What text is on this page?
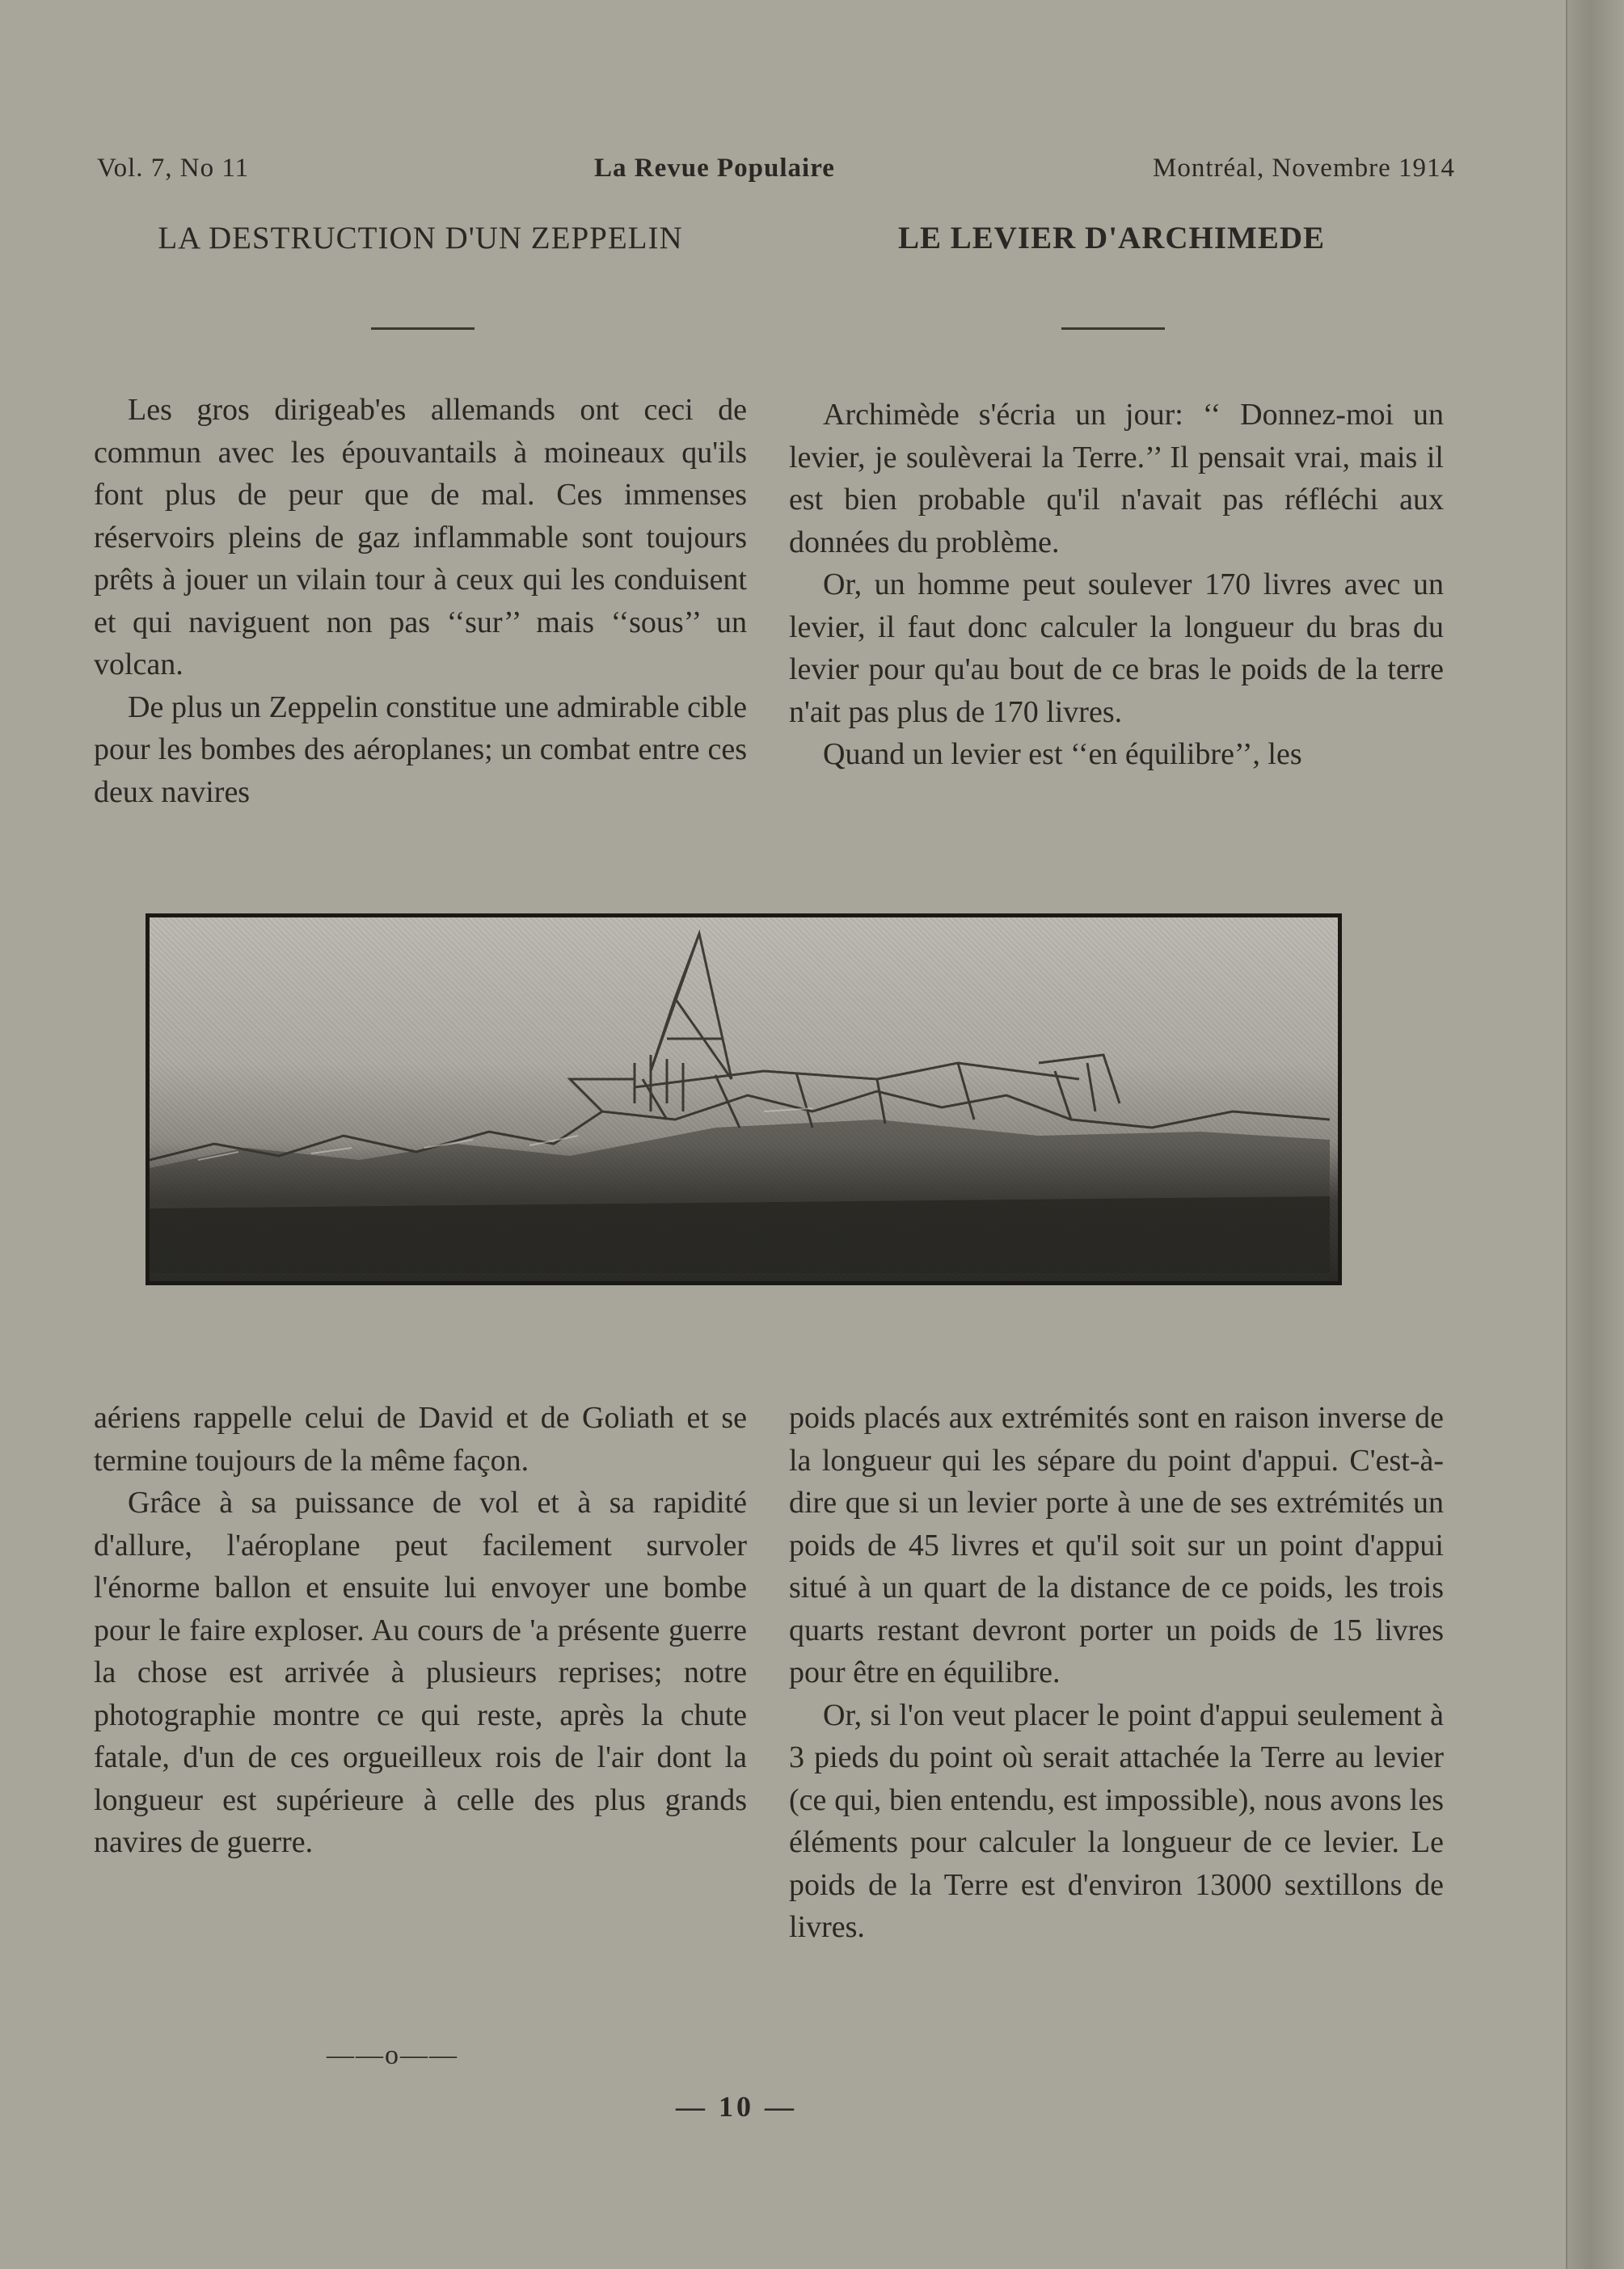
Vol. 7, No 11	La Revue Populaire	Montréal, Novembre 1914
LA DESTRUCTION D'UN ZEPPELIN	LE LEVIER D'ARCHIMEDE

Les gros dirigeab'es allemands ont ceci de commun avec les épouvantails à moineaux qu'ils font plus de peur que de mal. Ces immenses réservoirs pleins de gaz inflammable sont toujours prêts à jouer un vilain tour à ceux qui les conduisent et qui naviguent non pas ‘‘sur’’ mais ‘‘sous’’ un volcan.

De plus un Zeppelin constitue une admirable cible pour les bombes des aéroplanes; un combat entre ces deux navires

Archimède s'écria un jour: ‘‘ Donnez-moi un levier, je soulèverai la Terre.’’ Il pensait vrai, mais il est bien probable qu'il n'avait pas réfléchi aux données du problème.

Or, un homme peut soulever 170 livres avec un levier, il faut donc calculer la longueur du bras du levier pour qu'au bout de ce bras le poids de la terre n'ait pas plus de 170 livres.

Quand un levier est ‘‘en équilibre’’, les

aériens rappelle celui de David et de Goliath et se termine toujours de la même façon.

Grâce à sa puissance de vol et à sa rapidité d'allure, l'aéroplane peut facilement survoler l'énorme ballon et ensuite lui envoyer une bombe pour le faire exploser. Au cours de 'a présente guerre la chose est arrivée à plusieurs reprises; notre photographie montre ce qui reste, après la chute fatale, d'un de ces orgueilleux rois de l'air dont la longueur est supérieure à celle des plus grands navires de guerre.

poids placés aux extrémités sont en raison inverse de la longueur qui les sépare du point d'appui. C'est-à-dire que si un levier porte à une de ses extrémités un poids de 45 livres et qu'il soit sur un point d'appui situé à un quart de la distance de ce poids, les trois quarts restant devront porter un poids de 15 livres pour être en équilibre.

Or, si l'on veut placer le point d'appui seulement à 3 pieds du point où serait attachée la Terre au levier (ce qui, bien entendu, est impossible), nous avons les éléments pour calculer la longueur de ce levier. Le poids de la Terre est d'environ 13000 sextillons de livres.

——o——
— 10 —
